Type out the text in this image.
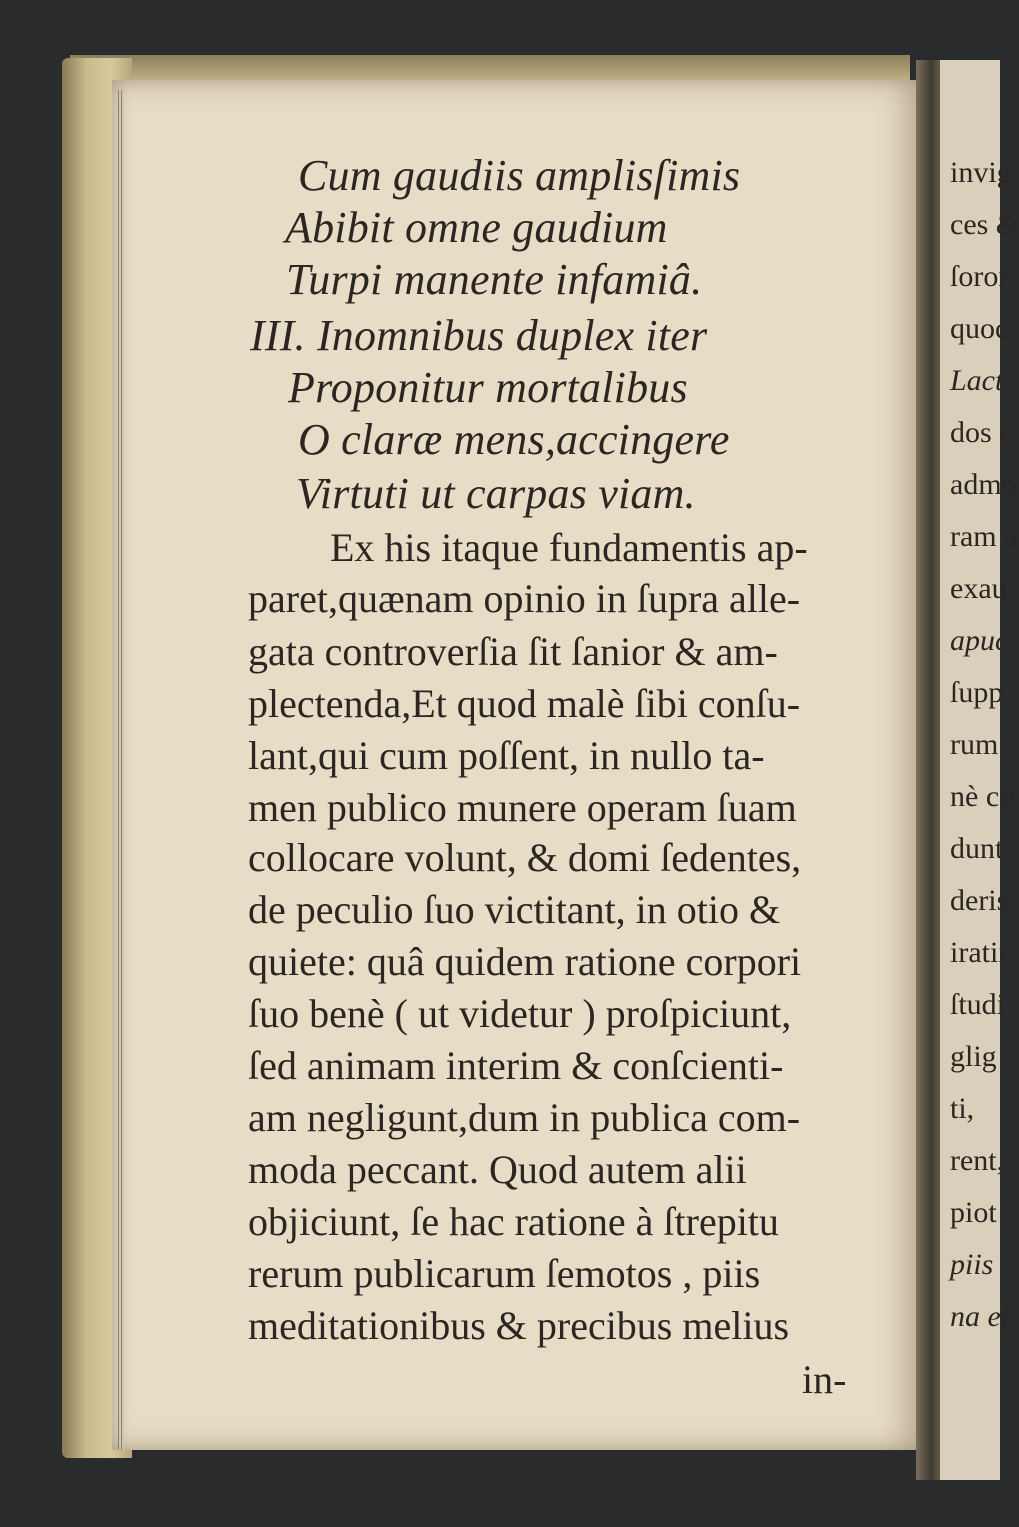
Cum gaudiis amplisſimis
Abibit omne gaudium
Turpi manente infamiâ.
III. Inomnibus duplex iter
Proponitur mortalibus
O claræ mens,accingere
Virtuti ut carpas viam.
Ex his itaque fundamentis ap-
paret,quænam opinio in ſupra alle-
gata controverſia ſit ſanior & am-
plectenda,Et quod malè ſibi conſu-
lant,qui cum poſſent, in nullo ta-
men publico munere operam ſuam
collocare volunt, & domi ſedentes,
de peculio ſuo victitant, in otio &
quiete: quâ quidem ratione corpori
ſuo benè ( ut videtur ) proſpiciunt,
ſed animam interim & conſcienti-
am negligunt,dum in publica com-
moda peccant. Quod autem alii
objiciunt, ſe hac ratione à ſtrepitu
rerum publicarum ſemotos , piis
meditationibus & precibus melius
in-
invig
ces &
ſoror
quoc
Lact
dos e
admo
ram a
exau
apuc
ſupp
rum
nè co
dunt,
deris
iratii
ſtudi
glig
ti,
rent,
piot
piis
na eſ
